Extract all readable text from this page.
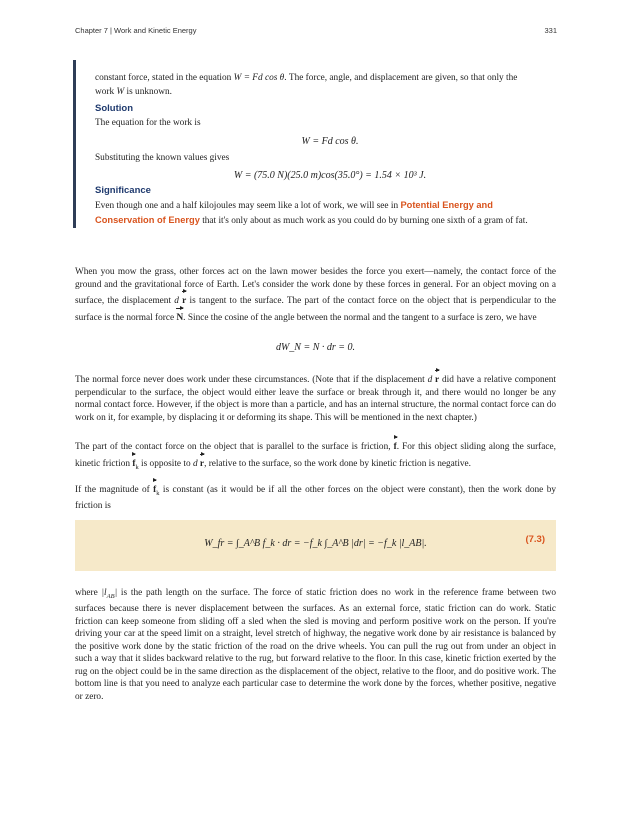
Chapter 7 | Work and Kinetic Energy	331

constant force, stated in the equation W = Fd cos θ. The force, angle, and displacement are given, so that only the work W is unknown.

Solution

The equation for the work is

W = Fd cos θ.

Substituting the known values gives

W = (75.0 N)(25.0 m)cos(35.0°) = 1.54 × 10³ J.

Significance

Even though one and a half kilojoules may seem like a lot of work, we will see in Potential Energy and Conservation of Energy that it's only about as much work as you could do by burning one sixth of a gram of fat.

When you mow the grass, other forces act on the lawn mower besides the force you exert—namely, the contact force of the ground and the gravitational force of Earth. Let's consider the work done by these forces in general. For an object moving on a surface, the displacement d r is tangent to the surface. The part of the contact force on the object that is perpendicular to the surface is the normal force N. Since the cosine of the angle between the normal and the tangent to a surface is zero, we have

dW_N = N · dr = 0.

The normal force never does work under these circumstances. (Note that if the displacement d r did have a relative component perpendicular to the surface, the object would either leave the surface or break through it, and there would no longer be any normal contact force. However, if the object is more than a particle, and has an internal structure, the normal contact force can do work on it, for example, by displacing it or deforming its shape. This will be mentioned in the next chapter.)

The part of the contact force on the object that is parallel to the surface is friction, f. For this object sliding along the surface, kinetic friction $f_k$ is opposite to d r, relative to the surface, so the work done by kinetic friction is negative.

If the magnitude of $f_k$ is constant (as it would be if all the other forces on the object were constant), then the work done by friction is

W_fr = ∫_A^B f_k · dr = −f_k ∫_A^B |dr| = −f_k |l_AB|.	(7.3)

where $|l_{AB}|$ is the path length on the surface. The force of static friction does no work in the reference frame between two surfaces because there is never displacement between the surfaces. As an external force, static friction can do work. Static friction can keep someone from sliding off a sled when the sled is moving and perform positive work on the person. If you're driving your car at the speed limit on a straight, level stretch of highway, the negative work done by air resistance is balanced by the positive work done by the static friction of the road on the drive wheels. You can pull the rug out from under an object in such a way that it slides backward relative to the rug, but forward relative to the floor. In this case, kinetic friction exerted by the rug on the object could be in the same direction as the displacement of the object, relative to the floor, and do positive work. The bottom line is that you need to analyze each particular case to determine the work done by the forces, whether positive, negative or zero.
